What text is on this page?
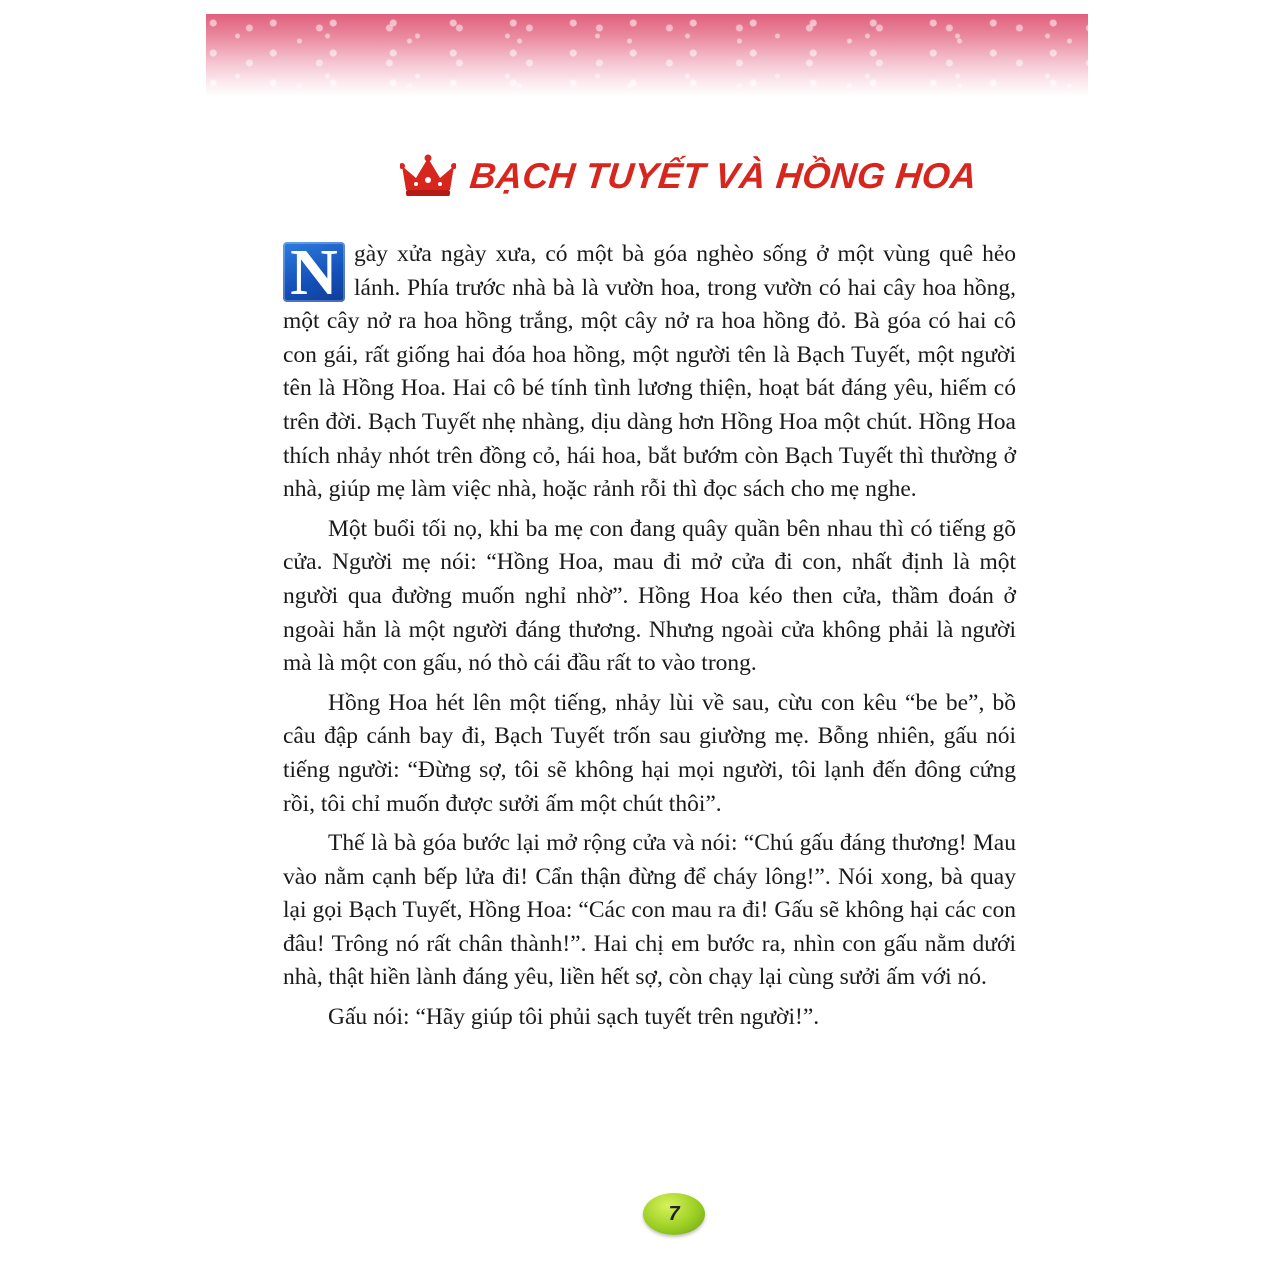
BẠCH TUYẾT VÀ HỒNG HOA

N gày xửa ngày xưa, có một bà góa nghèo sống ở một vùng quê hẻo lánh. Phía trước nhà bà là vườn hoa, trong vườn có hai cây hoa hồng, một cây nở ra hoa hồng trắng, một cây nở ra hoa hồng đỏ. Bà góa có hai cô con gái, rất giống hai đóa hoa hồng, một người tên là Bạch Tuyết, một người tên là Hồng Hoa. Hai cô bé tính tình lương thiện, hoạt bát đáng yêu, hiếm có trên đời. Bạch Tuyết nhẹ nhàng, dịu dàng hơn Hồng Hoa một chút. Hồng Hoa thích nhảy nhót trên đồng cỏ, hái hoa, bắt bướm còn Bạch Tuyết thì thường ở nhà, giúp mẹ làm việc nhà, hoặc rảnh rỗi thì đọc sách cho mẹ nghe.

Một buổi tối nọ, khi ba mẹ con đang quây quần bên nhau thì có tiếng gõ cửa. Người mẹ nói: “Hồng Hoa, mau đi mở cửa đi con, nhất định là một người qua đường muốn nghỉ nhờ”. Hồng Hoa kéo then cửa, thầm đoán ở ngoài hẳn là một người đáng thương. Nhưng ngoài cửa không phải là người mà là một con gấu, nó thò cái đầu rất to vào trong.

Hồng Hoa hét lên một tiếng, nhảy lùi về sau, cừu con kêu “be be”, bồ câu đập cánh bay đi, Bạch Tuyết trốn sau giường mẹ. Bỗng nhiên, gấu nói tiếng người: “Đừng sợ, tôi sẽ không hại mọi người, tôi lạnh đến đông cứng rồi, tôi chỉ muốn được sưởi ấm một chút thôi”.

Thế là bà góa bước lại mở rộng cửa và nói: “Chú gấu đáng thương! Mau vào nằm cạnh bếp lửa đi! Cẩn thận đừng để cháy lông!”. Nói xong, bà quay lại gọi Bạch Tuyết, Hồng Hoa: “Các con mau ra đi! Gấu sẽ không hại các con đâu! Trông nó rất chân thành!”. Hai chị em bước ra, nhìn con gấu nằm dưới nhà, thật hiền lành đáng yêu, liền hết sợ, còn chạy lại cùng sưởi ấm với nó.

Gấu nói: “Hãy giúp tôi phủi sạch tuyết trên người!”.

7
